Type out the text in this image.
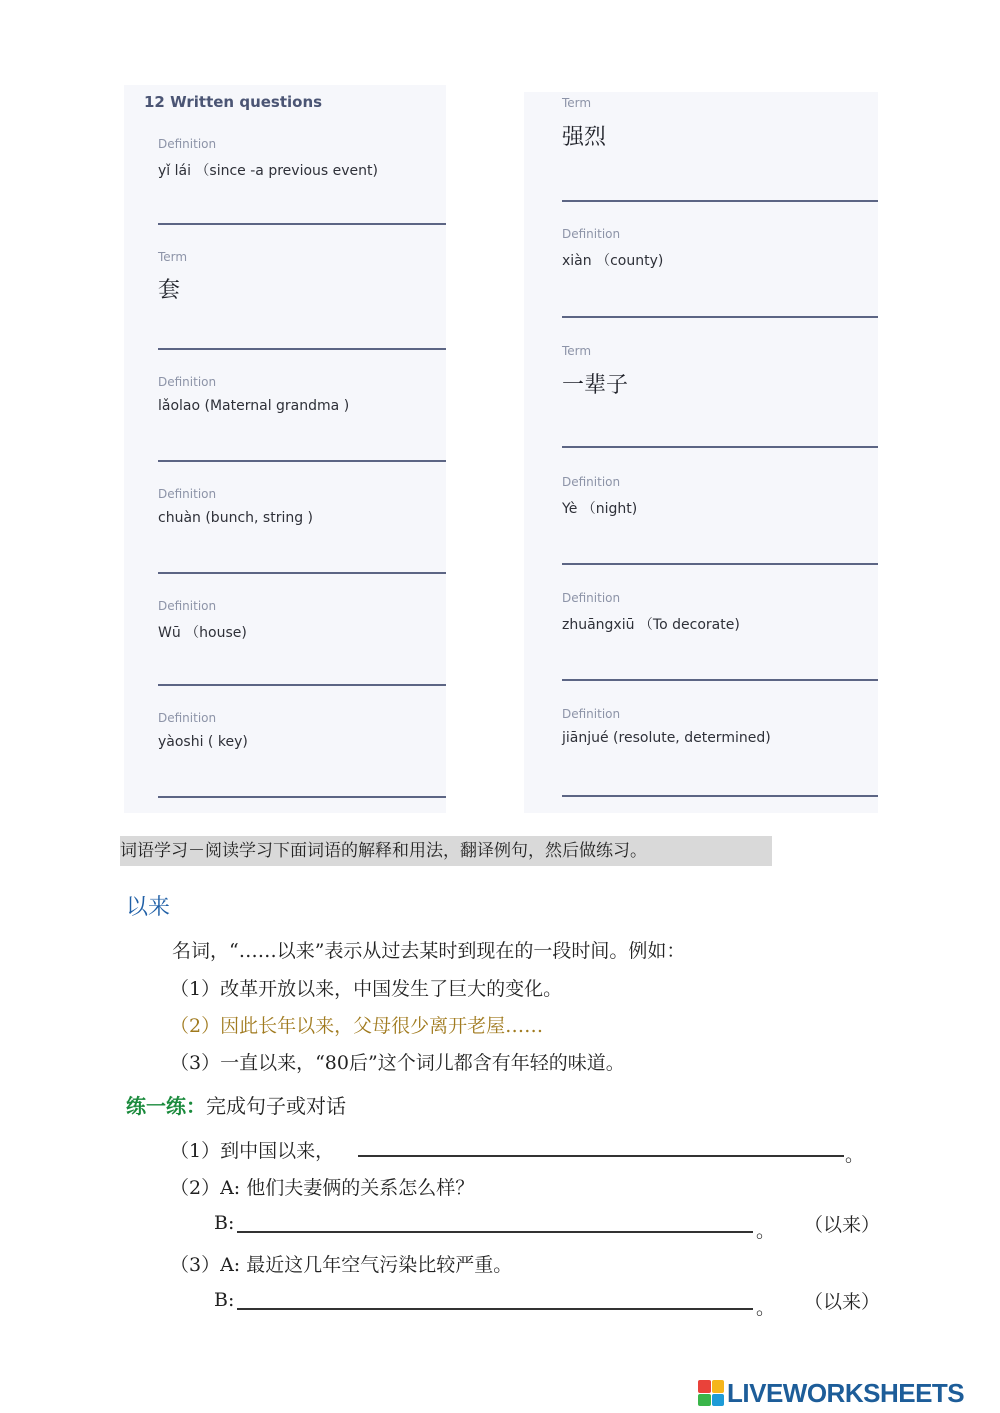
12 Written questions
Definition
yǐ lái （since -a previous event)
Term
套
Definition
lǎolao (Maternal grandma )
Definition
chuàn (bunch, string )
Definition
Wū （house)
Definition
yàoshi ( key)
Term
强烈
Definition
xiàn （county)
Term
一辈子
Definition
Yè （night)
Definition
zhuāngxiū （To decorate)
Definition
jiānjué (resolute, determined)
词语学习－阅读学习下面词语的解释和用法，翻译例句，然后做练习。
以来
名词，“……以来”表示从过去某时到现在的一段时间。例如：
（1）改革开放以来，中国发生了巨大的变化。
（2）因此长年以来，父母很少离开老屋……
（3）一直以来，“80后”这个词儿都含有年轻的味道。
练一练：完成句子或对话
（1）到中国以来，	。
（2）A: 他们夫妻俩的关系怎么样？
B:	。 （以来）
（3）A: 最近这几年空气污染比较严重。
B:	。 （以来）
LIVEWORKSHEETS
